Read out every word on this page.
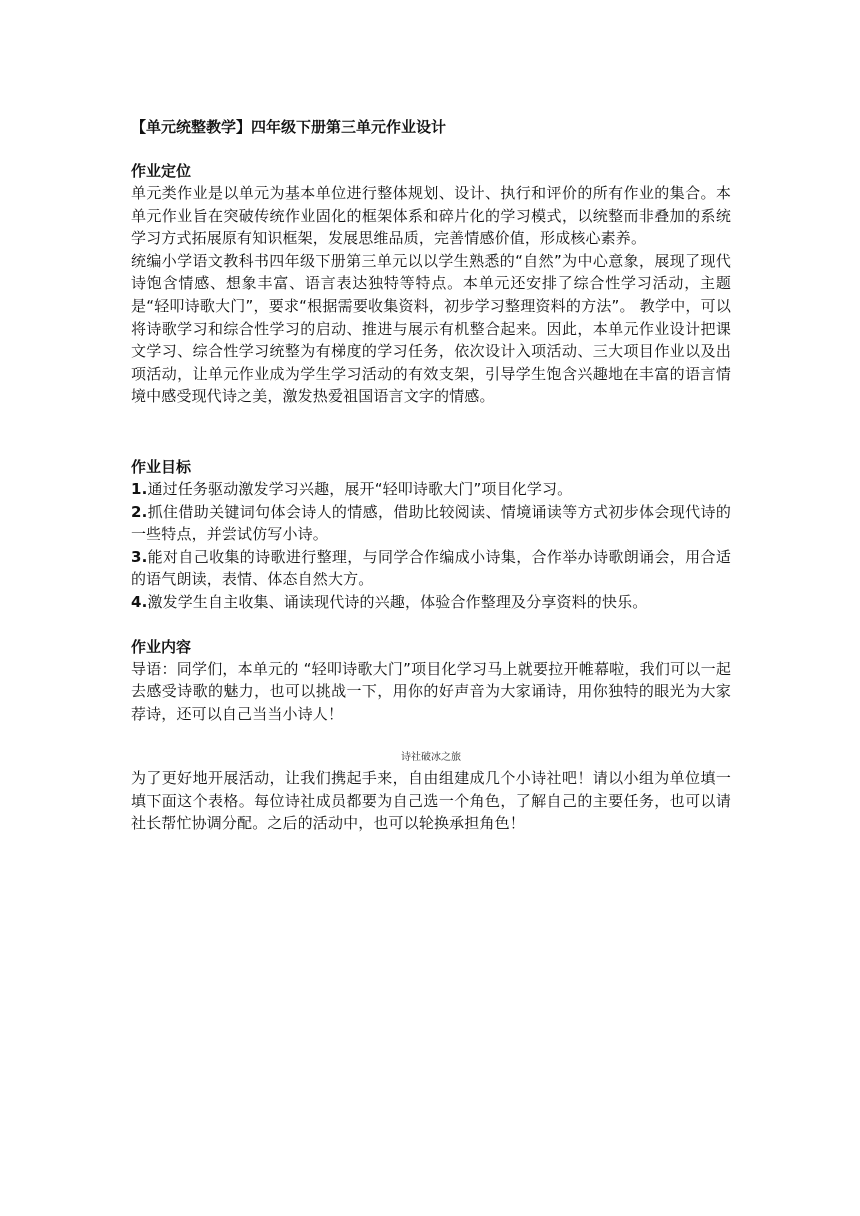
【单元统整教学】四年级下册第三单元作业设计

作业定位

单元类作业是以单元为基本单位进行整体规划、设计、执行和评价的所有作业的集合。本单元作业旨在突破传统作业固化的框架体系和碎片化的学习模式，以统整而非叠加的系统学习方式拓展原有知识框架，发展思维品质，完善情感价值，形成核心素养。

统编小学语文教科书四年级下册第三单元以以学生熟悉的“自然”为中心意象，展现了现代诗饱含情感、想象丰富、语言表达独特等特点。本单元还安排了综合性学习活动，主题是“轻叩诗歌大门”，要求“根据需要收集资料，初步学习整理资料的方法”。 教学中，可以将诗歌学习和综合性学习的启动、推进与展示有机整合起来。因此，本单元作业设计把课文学习、综合性学习统整为有梯度的学习任务，依次设计入项活动、三大项目作业以及出项活动，让单元作业成为学生学习活动的有效支架，引导学生饱含兴趣地在丰富的语言情境中感受现代诗之美，激发热爱祖国语言文字的情感。

作业目标

1.通过任务驱动激发学习兴趣，展开“轻叩诗歌大门”项目化学习。

2.抓住借助关键词句体会诗人的情感，借助比较阅读、情境诵读等方式初步体会现代诗的一些特点，并尝试仿写小诗。

3.能对自己收集的诗歌进行整理，与同学合作编成小诗集，合作举办诗歌朗诵会，用合适的语气朗读，表情、体态自然大方。

4.激发学生自主收集、诵读现代诗的兴趣，体验合作整理及分享资料的快乐。

作业内容

导语：同学们，本单元的 “轻叩诗歌大门”项目化学习马上就要拉开帷幕啦，我们可以一起去感受诗歌的魅力，也可以挑战一下，用你的好声音为大家诵诗，用你独特的眼光为大家荐诗，还可以自己当当小诗人！

诗社破冰之旅

为了更好地开展活动，让我们携起手来，自由组建成几个小诗社吧！请以小组为单位填一填下面这个表格。每位诗社成员都要为自己选一个角色，了解自己的主要任务，也可以请社长帮忙协调分配。之后的活动中，也可以轮换承担角色！
